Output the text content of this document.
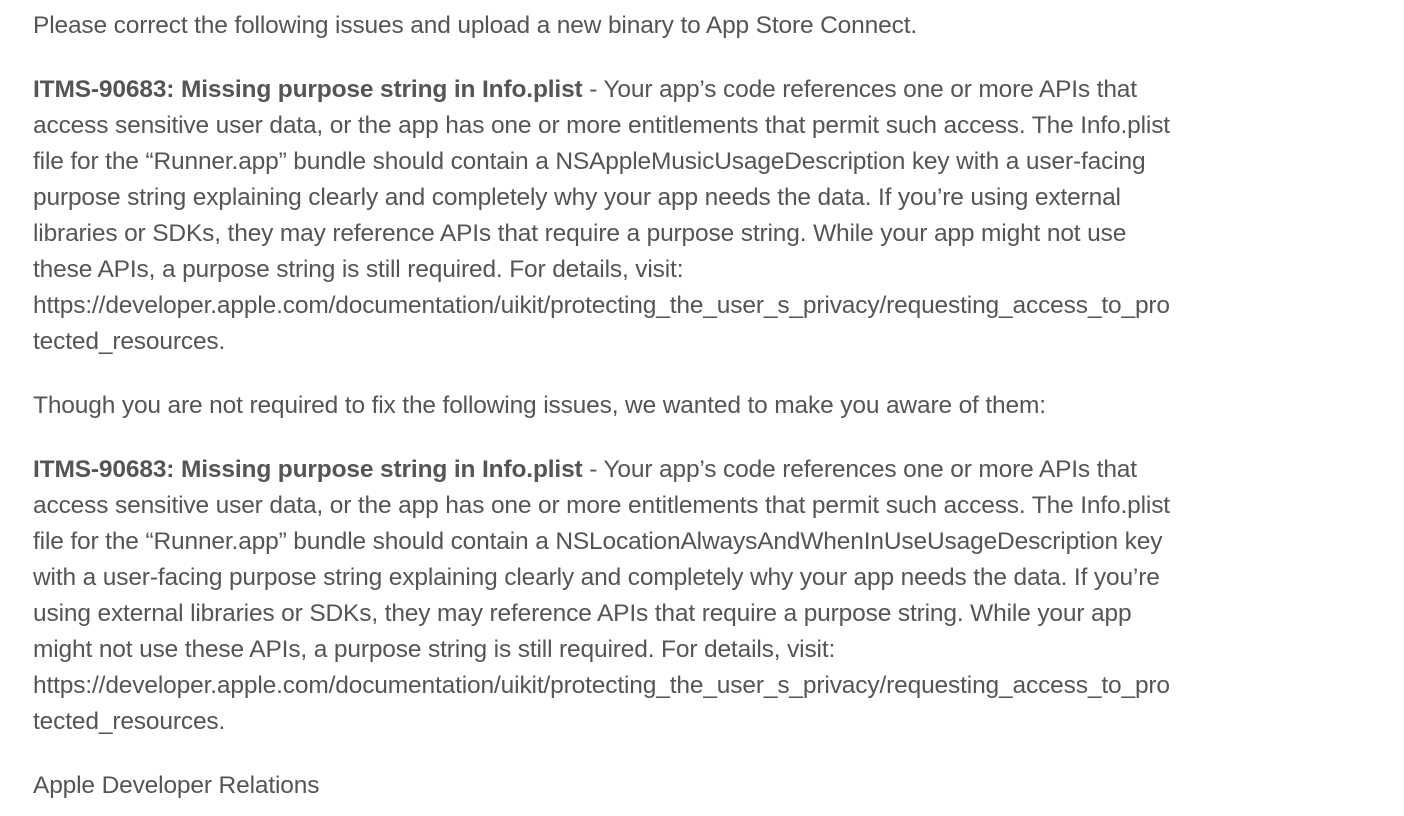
Please correct the following issues and upload a new binary to App Store Connect.

ITMS-90683: Missing purpose string in Info.plist - Your app’s code references one or more APIs that
access sensitive user data, or the app has one or more entitlements that permit such access. The Info.plist
file for the “Runner.app” bundle should contain a NSAppleMusicUsageDescription key with a user-facing
purpose string explaining clearly and completely why your app needs the data. If you’re using external
libraries or SDKs, they may reference APIs that require a purpose string. While your app might not use
these APIs, a purpose string is still required. For details, visit:
https://developer.apple.com/documentation/uikit/protecting_the_user_s_privacy/requesting_access_to_pro
tected_resources.

Though you are not required to fix the following issues, we wanted to make you aware of them:

ITMS-90683: Missing purpose string in Info.plist - Your app’s code references one or more APIs that
access sensitive user data, or the app has one or more entitlements that permit such access. The Info.plist
file for the “Runner.app” bundle should contain a NSLocationAlwaysAndWhenInUseUsageDescription key
with a user-facing purpose string explaining clearly and completely why your app needs the data. If you’re
using external libraries or SDKs, they may reference APIs that require a purpose string. While your app
might not use these APIs, a purpose string is still required. For details, visit:
https://developer.apple.com/documentation/uikit/protecting_the_user_s_privacy/requesting_access_to_pro
tected_resources.

Apple Developer Relations
